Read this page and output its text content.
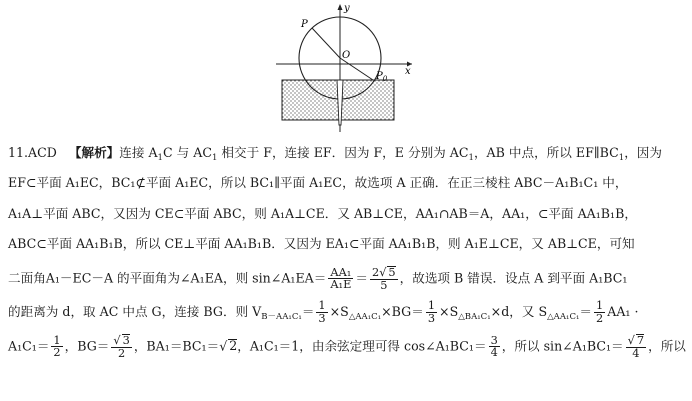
y
x
P
O
$P_0$
11.ACD 【解析】连接 $A_1C$ 与 $AC_1$ 相交于 F，连接 EF．因为 F，E 分别为 $AC_1$，AB 中点，所以 $EF\parallel BC_1$，因为
EF⊂平面 A₁EC，BC₁⊄平面 A₁EC，所以 BC₁∥平面 A₁EC，故选项 A 正确．在正三棱柱 ABC－A₁B₁C₁ 中，
A₁A⊥平面 ABC，又因为 CE⊂平面 ABC，则 A₁A⊥CE．又 AB⊥CE，AA₁∩AB＝A，AA₁，⊂平面 AA₁B₁B，
ABC⊂平面 AA₁B₁B，所以 CE⊥平面 AA₁B₁B．又因为 EA₁⊂平面 AA₁B₁B，则 A₁E⊥CE，又 AB⊥CE，可知
二面角A₁－EC－A 的平面角为∠A₁EA，则 sin∠A₁EA＝ $\frac{\text{AA₁}}{\text{A₁E}} = \frac{2√ 5}{5}$ ，故选项 B 错误．设点 A 到平面 A₁BC₁
的距离为 d，取 AC 中点 G，连接 BG．则 $V_{B-AA_1C_1}= \frac{1}{3} \times S_{\triangle AA_1C_1}\times BG= \frac{1}{3} \times S_{\triangle BA_1C_1}\times d$，又 $S_{\triangle AA_1C_1}= \frac{1}{2} AA_1$ ·
$A_1C_1= \frac{1}{2}$ ，$BG= \frac{√ 3}{2}$ ，BA₁＝BC₁＝√ 2，A₁C₁＝1，由余弦定理可得 cos∠A₁BC₁＝ $\frac{3}{4}$ ，所以 sin∠A₁BC₁＝ $\frac{√ 7}{4}$ ，所以
